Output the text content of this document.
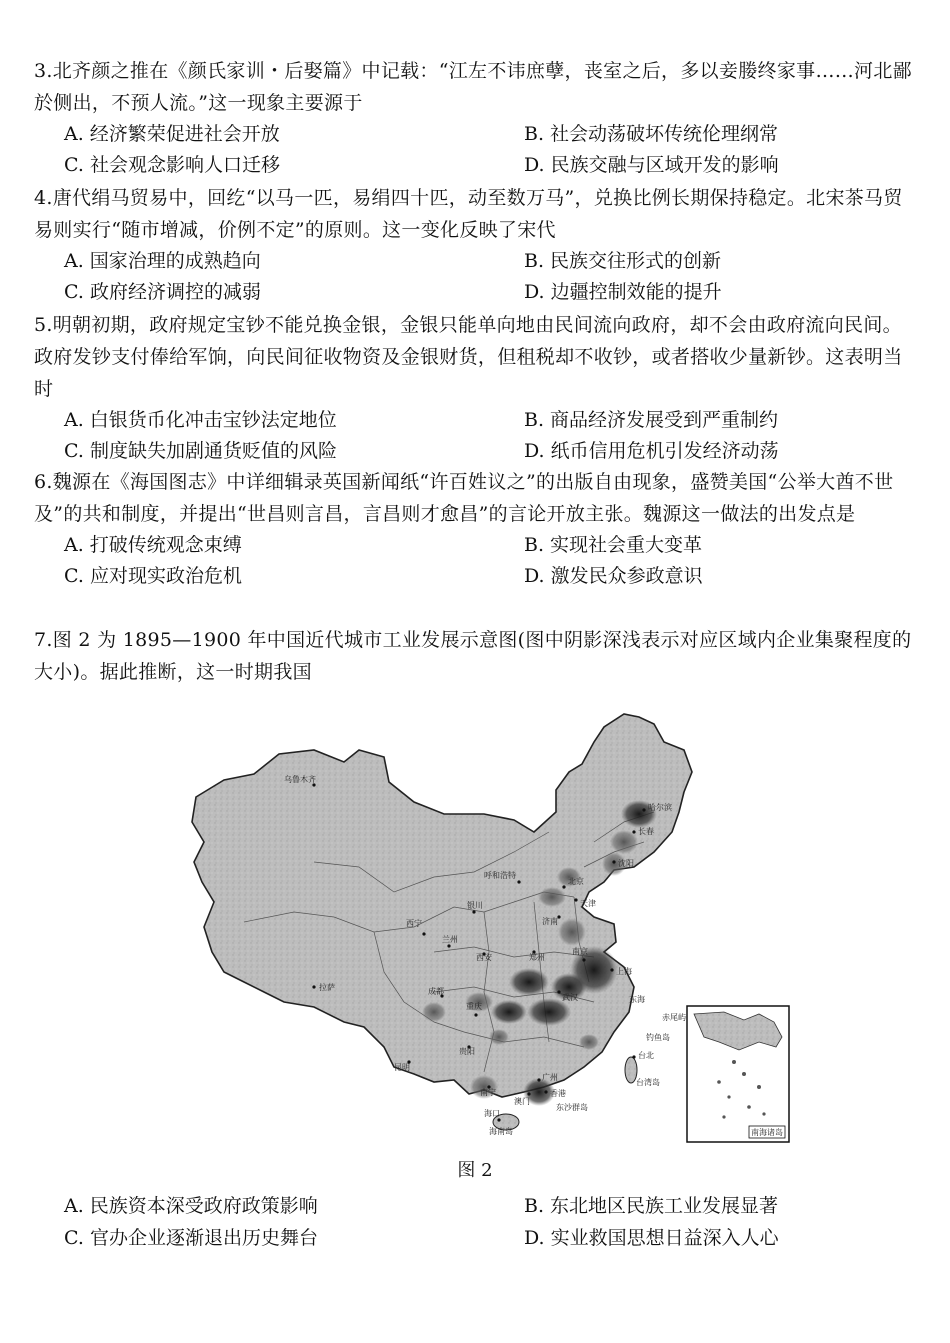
3.北齐颜之推在《颜氏家训・后娶篇》中记载：“江左不讳庶孽，丧室之后，多以妾媵终家事……河北鄙於侧出，不预人流。”这一现象主要源于

A. 经济繁荣促进社会开放	B. 社会动荡破坏传统伦理纲常
C. 社会观念影响人口迁移	D. 民族交融与区域开发的影响

4.唐代绢马贸易中，回纥“以马一匹，易绢四十匹，动至数万马”，兑换比例长期保持稳定。北宋茶马贸易则实行“随市增减，价例不定”的原则。这一变化反映了宋代

A. 国家治理的成熟趋向	B. 民族交往形式的创新
C. 政府经济调控的减弱	D. 边疆控制效能的提升

5.明朝初期，政府规定宝钞不能兑换金银，金银只能单向地由民间流向政府，却不会由政府流向民间。政府发钞支付俸给军饷，向民间征收物资及金银财货，但租税却不收钞，或者搭收少量新钞。这表明当时

A. 白银货币化冲击宝钞法定地位	B. 商品经济发展受到严重制约
C. 制度缺失加剧通货贬值的风险	D. 纸币信用危机引发经济动荡

6.魏源在《海国图志》中详细辑录英国新闻纸“许百姓议之”的出版自由现象，盛赞美国“公举大酋不世及”的共和制度，并提出“世昌则言昌，言昌则才愈昌”的言论开放主张。魏源这一做法的出发点是

A. 打破传统观念束缚	B. 实现社会重大变革
C. 应对现实政治危机	D. 激发民众参政意识

7.图 2 为 1895—1900 年中国近代城市工业发展示意图(图中阴影深浅表示对应区域内企业集聚程度的大小)。据此推断，这一时期我国

乌鲁木齐
拉萨
西宁
兰州
银川
呼和浩特
西安	郑州
成都
重庆
贵阳
昆明
南宁
广州
澳门
香港
台北
海口
武汉
南京
上海
北京
天津
济南
沈阳
长春
哈尔滨
东海
钓鱼岛
赤尾屿
东沙群岛
海南岛
台湾岛
南海诸岛
图 2
A. 民族资本深受政府政策影响	B. 东北地区民族工业发展显著
C. 官办企业逐渐退出历史舞台	D. 实业救国思想日益深入人心
